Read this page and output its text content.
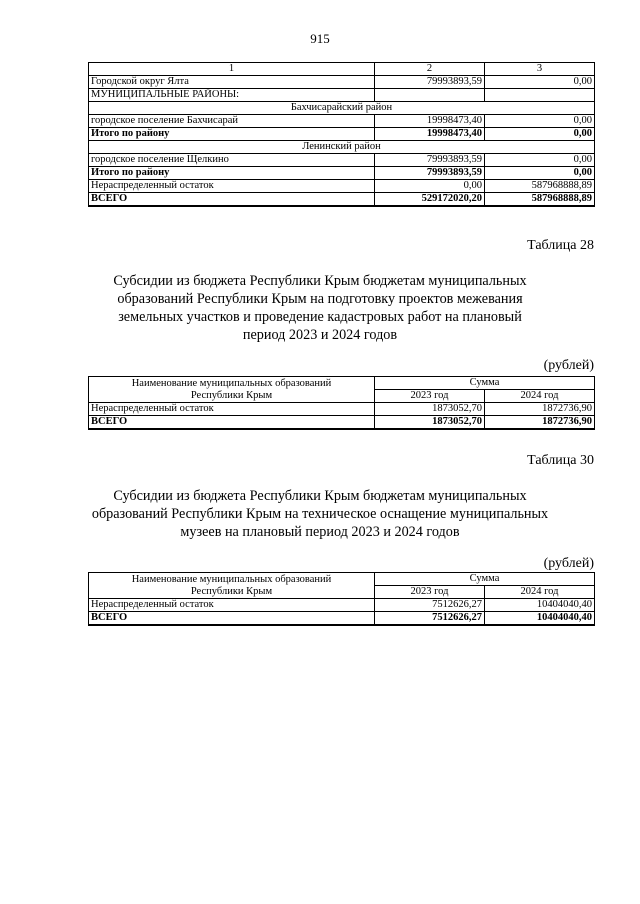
915
1	2	3
Городской округ Ялта	79993893,59	0,00
МУНИЦИПАЛЬНЫЕ РАЙОНЫ:		
Бахчисарайский район		
городское поселение Бахчисарай	19998473,40	0,00
Итого по району	19998473,40	0,00
Ленинский район		
городское поселение Щелкино	79993893,59	0,00
Итого по району	79993893,59	0,00
Нераспределенный остаток	0,00	587968888,89
ВСЕГО	529172020,20	587968888,89
Таблица 28
Субсидии из бюджета Республики Крым бюджетам муниципальных
образований Республики Крым на подготовку проектов межевания
земельных участков и проведение кадастровых работ на плановый
период 2023 и 2024 годов
(рублей)
Наименование муниципальных образований
Республики Крым	Сумма	
	2023 год	2024 год
Нераспределенный остаток	1873052,70	1872736,90
ВСЕГО	1873052,70	1872736,90
Таблица 30
Субсидии из бюджета Республики Крым бюджетам муниципальных
образований Республики Крым на техническое оснащение муниципальных
музеев на плановый период 2023 и 2024 годов
(рублей)
Наименование муниципальных образований
Республики Крым	Сумма	
	2023 год	2024 год
Нераспределенный остаток	7512626,27	10404040,40
ВСЕГО	7512626,27	10404040,40
